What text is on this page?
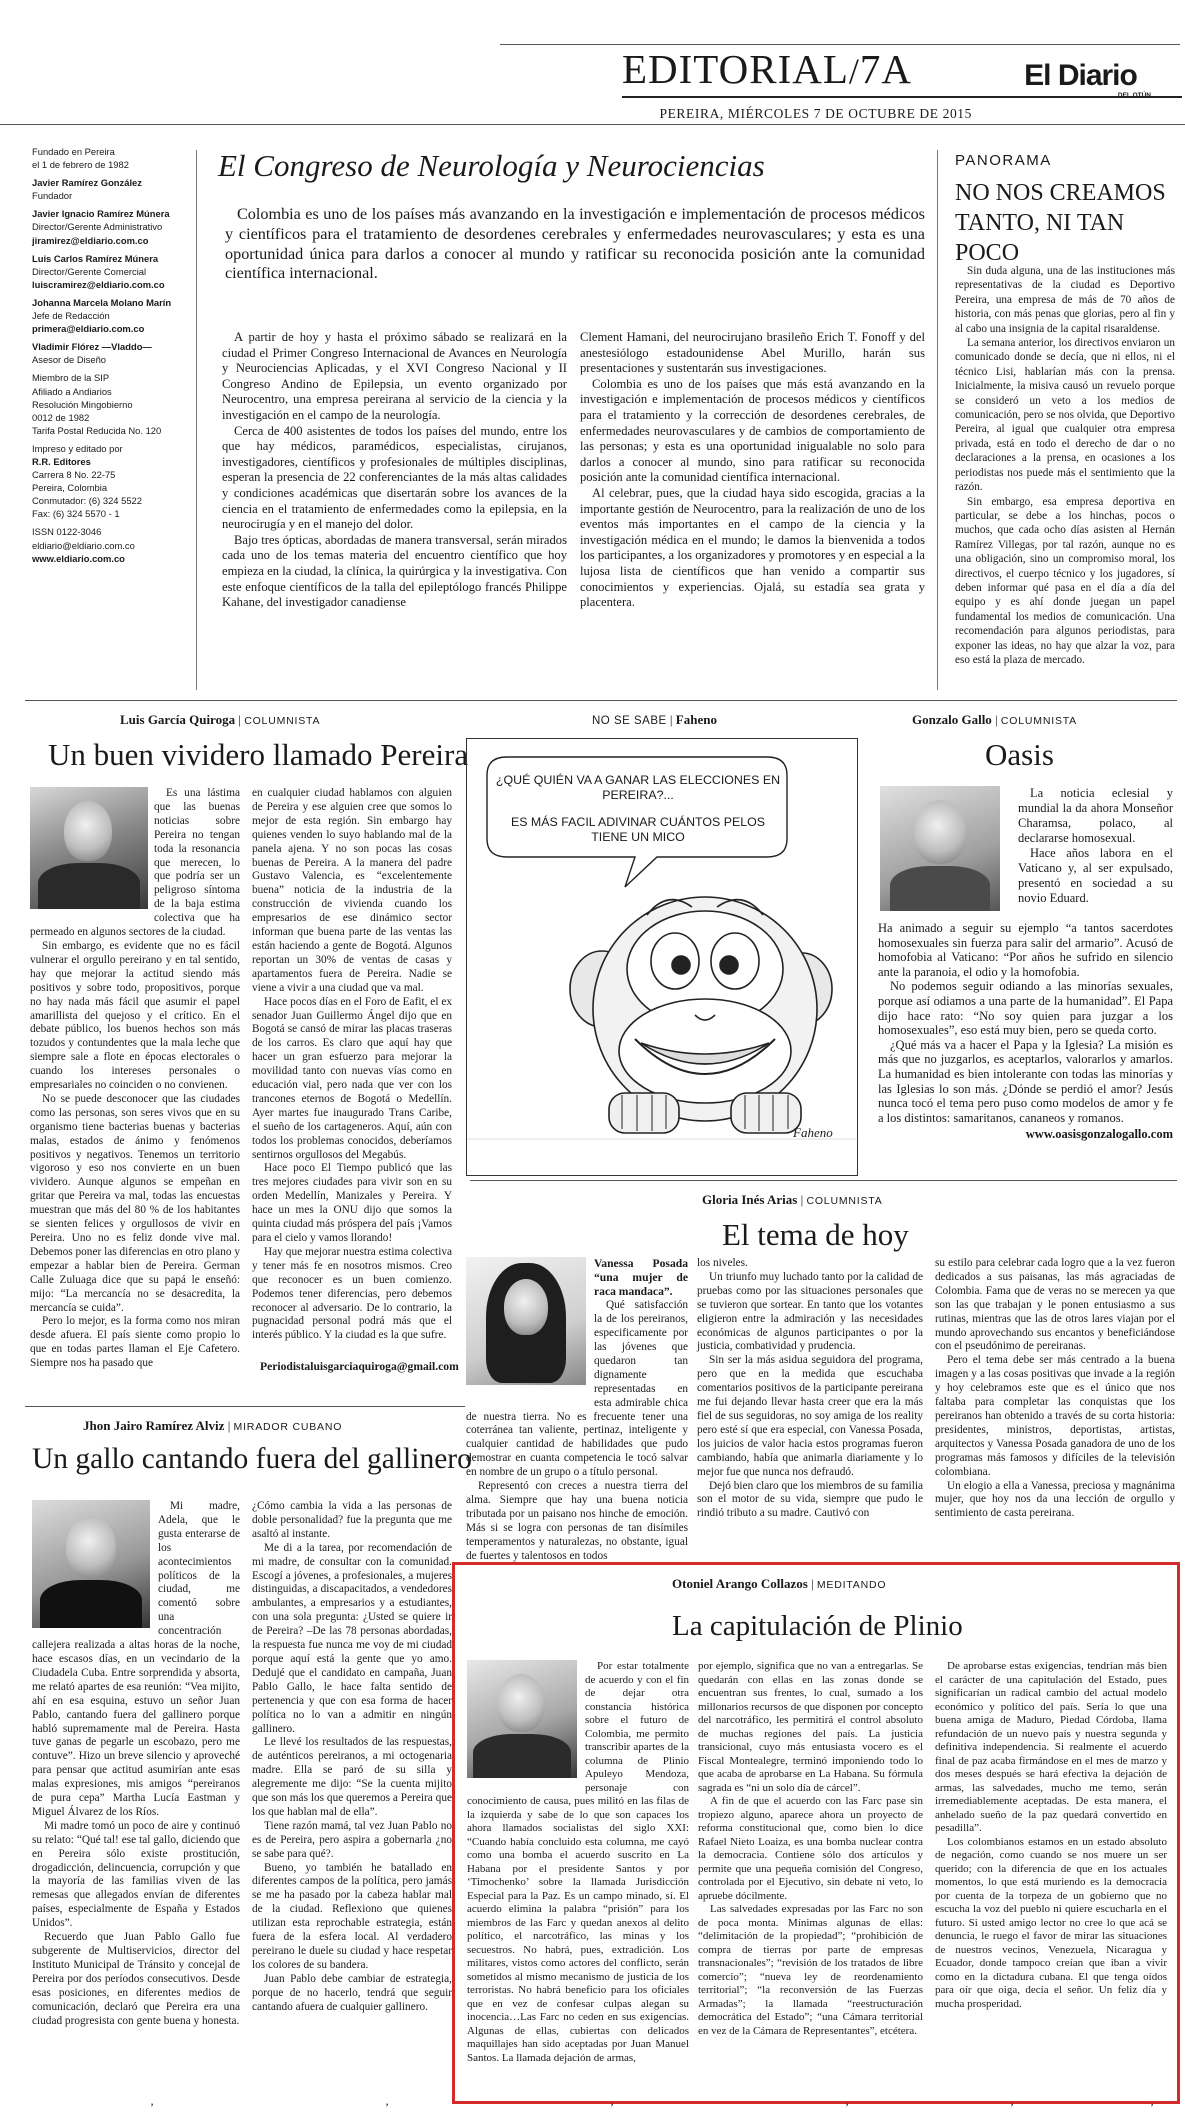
EDITORIAL/7A	El Diario
PEREIRA, MIÉRCOLES 7 DE OCTUBRE DE 2015
Fundado en Pereira
el 1 de febrero de 1982
Javier Ramírez González
Fundador
Javier Ignacio Ramírez Múnera
Director/Gerente Administrativo
jiramirez@eldiario.com.co
Luis Carlos Ramírez Múnera
Director/Gerente Comercial
luiscramirez@eldiario.com.co
Johanna Marcela Molano Marín
Jefe de Redacción
primera@eldiario.com.co
Vladimir Flórez —Vladdo—
Asesor de Diseño
Miembro de la SIP
Afiliado a Andiarios
Resolución Mingobierno
0012 de 1982
Tarifa Postal Reducida No. 120
Impreso y editado por
R.R. Editores
Carrera 8 No. 22-75
Pereira, Colombia
Conmutador: (6) 324 5522
Fax: (6) 324 5570 - 1
ISSN 0122-3046
eldiario@eldiario.com.co
www.eldiario.com.co
El Congreso de Neurología y Neurociencias
Colombia es uno de los países más avanzando en la investigación e implementación de procesos médicos y científicos para el tratamiento de desordenes cerebrales y enfermedades neurovasculares; y esta es una oportunidad única para darlos a conocer al mundo y ratificar su reconocida posición ante la comunidad científica internacional.

A partir de hoy y hasta el próximo sábado se realizará en la ciudad el Primer Congreso Internacional de Avances en Neurología y Neurociencias Aplicadas, y el XVI Congreso Nacional y II Congreso Andino de Epilepsia, un evento organizado por Neurocentro, una empresa pereirana al servicio de la ciencia y la investigación en el campo de la neurología.

Cerca de 400 asistentes de todos los países del mundo, entre los que hay médicos, paramédicos, especialistas, cirujanos, investigadores, científicos y profesionales de múltiples disciplinas, esperan la presencia de 22 conferenciantes de la más altas calidades y condiciones académicas que disertarán sobre los avances de la ciencia en el tratamiento de enfermedades como la epilepsia, en la neurocirugía y en el manejo del dolor.

Bajo tres ópticas, abordadas de manera transversal, serán mirados cada uno de los temas materia del encuentro científico que hoy empieza en la ciudad, la clínica, la quirúrgica y la investigativa. Con este enfoque científicos de la talla del epileptólogo francés Philippe Kahane, del investigador canadiense

Clement Hamani, del neurocirujano brasileño Erich T. Fonoff y del anestesiólogo estadounidense Abel Murillo, harán sus presentaciones y sustentarán sus investigaciones.

Colombia es uno de los países que más está avanzando en la investigación e implementación de procesos médicos y científicos para el tratamiento y la corrección de desordenes cerebrales, de enfermedades neurovasculares y de cambios de comportamiento de las personas; y esta es una oportunidad inigualable no solo para darlos a conocer al mundo, sino para ratificar su reconocida posición ante la comunidad científica internacional.

Al celebrar, pues, que la ciudad haya sido escogida, gracias a la importante gestión de Neurocentro, para la realización de uno de los eventos más importantes en el campo de la ciencia y la investigación médica en el mundo; le damos la bienvenida a todos los participantes, a los organizadores y promotores y en especial a la lujosa lista de científicos que han venido a compartir sus conocimientos y experiencias. Ojalá, su estadía sea grata y placentera.

PANORAMA
NO NOS CREAMOS TANTO, NI TAN POCO

Sin duda alguna, una de las instituciones más representativas de la ciudad es Deportivo Pereira, una empresa de más de 70 años de historia, con más penas que glorias, pero al fin y al cabo una insignia de la capital risaraldense.

La semana anterior, los directivos enviaron un comunicado donde se decía, que ni ellos, ni el técnico Lisi, hablarían más con la prensa. Inicialmente, la misiva causó un revuelo porque se consideró un veto a los medios de comunicación, pero se nos olvida, que Deportivo Pereira, al igual que cualquier otra empresa privada, está en todo el derecho de dar o no declaraciones a la prensa, en ocasiones a los periodistas nos puede más el sentimiento que la razón.

Sin embargo, esa empresa deportiva en particular, se debe a los hinchas, pocos o muchos, que cada ocho días asisten al Hernán Ramírez Villegas, por tal razón, aunque no es una obligación, sino un compromiso moral, los directivos, el cuerpo técnico y los jugadores, sí deben informar qué pasa en el día a día del equipo y es ahí donde juegan un papel fundamental los medios de comunicación. Una recomendación para algunos periodistas, para exponer las ideas, no hay que alzar la voz, para eso está la plaza de mercado.

Luis García Quiroga | COLUMNISTA
Un buen vividero llamado Pereira

Es una lástima que las buenas noticias sobre Pereira no tengan toda la resonancia que merecen, lo que podría ser un peligroso síntoma de la baja estima colectiva que ha permeado en algunos sectores de la ciudad.

Sin embargo, es evidente que no es fácil vulnerar el orgullo pereirano y en tal sentido, hay que mejorar la actitud siendo más positivos y sobre todo, propositivos, porque no hay nada más fácil que asumir el papel amarillista del quejoso y el crítico. En el debate público, los buenos hechos son más tozudos y contundentes que la mala leche que siempre sale a flote en épocas electorales o cuando los intereses personales o empresariales no coinciden o no convienen.

No se puede desconocer que las ciudades como las personas, son seres vivos que en su organismo tiene bacterias buenas y bacterias malas, estados de ánimo y fenómenos positivos y negativos. Tenemos un territorio vigoroso y eso nos convierte en un buen vividero. Aunque algunos se empeñan en gritar que Pereira va mal, todas las encuestas muestran que más del 80 % de los habitantes se sienten felices y orgullosos de vivir en Pereira. Uno no es feliz donde vive mal. Debemos poner las diferencias en otro plano y empezar a hablar bien de Pereira. German Calle Zuluaga dice que su papá le enseñó: mijo: “La mercancía no se desacredita, la mercancía se cuida”.

Pero lo mejor, es la forma como nos miran desde afuera. El país siente como propio lo que en todas partes llaman el Eje Cafetero. Siempre nos ha pasado que

en cualquier ciudad hablamos con alguien de Pereira y ese alguien cree que somos lo mejor de esta región. Sin embargo hay quienes venden lo suyo hablando mal de la panela ajena. Y no son pocas las cosas buenas de Pereira. A la manera del padre Gustavo Valencia, es “excelentemente buena” noticia de la industria de la construcción de vivienda cuando los empresarios de ese dinámico sector informan que buena parte de las ventas las están haciendo a gente de Bogotá. Algunos reportan un 30% de ventas de casas y apartamentos fuera de Pereira. Nadie se viene a vivir a una ciudad que va mal.

Hace pocos días en el Foro de Eafit, el ex senador Juan Guillermo Ángel dijo que en Bogotá se cansó de mirar las placas traseras de los carros. Es claro que aquí hay que hacer un gran esfuerzo para mejorar la movilidad tanto con nuevas vías como en educación vial, pero nada que ver con los trancones eternos de Bogotá o Medellín. Ayer martes fue inaugurado Trans Caribe, el sueño de los cartageneros. Aquí, aún con todos los problemas conocidos, deberíamos sentirnos orgullosos del Megabús.

Hace poco El Tiempo publicó que las tres mejores ciudades para vivir son en su orden Medellín, Manizales y Pereira. Y hace un mes la ONU dijo que somos la quinta ciudad más próspera del país ¡Vamos para el cielo y vamos llorando!

Hay que mejorar nuestra estima colectiva y tener más fe en nosotros mismos. Creo que reconocer es un buen comienzo. Podemos tener diferencias, pero debemos reconocer al adversario. De lo contrario, la pugnacidad personal podrá más que el interés público. Y la ciudad es la que sufre.

NO SE SABE | Faheno
¿QUÉ QUIÉN VA A GANAR LAS ELECCIONES EN PEREIRA?...
ES MÁS FACIL ADIVINAR CUÁNTOS PELOS TIENE UN MICO
Faheno
Gonzalo Gallo | COLUMNISTA
Oasis

La noticia eclesial y mundial la da ahora Monseñor Charamsa, polaco, al declararse homosexual.

Hace años labora en el Vaticano y, al ser expulsado, presentó en sociedad a su novio Eduard.

Ha animado a seguir su ejemplo “a tantos sacerdotes homosexuales sin fuerza para salir del armario”. Acusó de homofobia al Vaticano: “Por años he sufrido en silencio ante la paranoia, el odio y la homofobia.

No podemos seguir odiando a las minorías sexuales, porque así odiamos a una parte de la humanidad”. El Papa dijo hace rato: “No soy quien para juzgar a los homosexuales”, eso está muy bien, pero se queda corto.

¿Qué más va a hacer el Papa y la Iglesia? La misión es más que no juzgarlos, es aceptarlos, valorarlos y amarlos. La humanidad es bien intolerante con todas las minorías y las Iglesias lo son más. ¿Dónde se perdió el amor? Jesús nunca tocó el tema pero puso como modelos de amor y fe a los distintos: samaritanos, cananeos y romanos.

www.oasisgonzalogallo.com
Gloria Inés Arias | COLUMNISTA
El tema de hoy

Vanessa Posada “una mujer de raca mandaca”.

Qué satisfacción la de los pereiranos, especificamente por las jóvenes que quedaron tan dignamente representadas en esta admirable chica de nuestra tierra. No es frecuente tener una coterránea tan valiente, pertinaz, inteligente y cualquier cantidad de habilidades que pudo demostrar en cuanta competencia le tocó salvar en nombre de un grupo o a título personal.

Representó con creces a nuestra tierra del alma. Siempre que hay una buena noticia tributada por un paisano nos hinche de emoción. Más si se logra con personas de tan disímiles temperamentos y naturalezas, no obstante, igual de fuertes y talentosos en todos

los niveles.

Un triunfo muy luchado tanto por la calidad de pruebas como por las situaciones personales que se tuvieron que sortear. En tanto que los votantes eligieron entre la admiración y las necesidades económicas de algunos participantes o por la justicia, combatividad y prudencia.

Sin ser la más asidua seguidora del programa, pero que en la medida que escuchaba comentarios positivos de la participante pereirana me fui dejando llevar hasta creer que era la más fiel de sus seguidoras, no soy amiga de los reality pero esté sí que era especial, con Vanessa Posada, los juicios de valor hacia estos programas fueron cambiando, había que animarla diariamente y lo mejor fue que nunca nos defraudó.

Dejó bien claro que los miembros de su familia son el motor de su vida, siempre que pudo le rindió tributo a su madre. Cautivó con

su estilo para celebrar cada logro que a la vez fueron dedicados a sus paisanas, las más agraciadas de Colombia. Fama que de veras no se merecen ya que son las que trabajan y le ponen entusiasmo a sus rutinas, mientras que las de otros lares viajan por el mundo aprovechando sus encantos y beneficiándose con el pseudónimo de pereiranas.

Pero el tema debe ser más centrado a la buena imagen y a las cosas positivas que invade a la región y hoy celebramos este que es el único que nos faltaba para completar las conquistas que los pereiranos han obtenido a través de su corta historia: presidentes, ministros, deportistas, artistas, arquitectos y Vanessa Posada ganadora de uno de los programas más famosos y difíciles de la televisión colombiana.

Un elogio a ella a Vanessa, preciosa y magnánima mujer, que hoy nos da una lección de orgullo y sentimiento de casta pereirana.

Periodistaluisgarciaquiroga@gmail.com
Jhon Jairo Ramírez Alviz | MIRADOR CUBANO
Un gallo cantando fuera del gallinero

Mi madre, Adela, que le gusta enterarse de los acontecimientos políticos de la ciudad, me comentó sobre una concentración callejera realizada a altas horas de la noche, hace escasos días, en un vecindario de la Ciudadela Cuba. Entre sorprendida y absorta, me relató apartes de esa reunión: “Vea mijito, ahí en esa esquina, estuvo un señor Juan Pablo, cantando fuera del gallinero porque habló supremamente mal de Pereira. Hasta tuve ganas de pegarle un escobazo, pero me contuve”. Hizo un breve silencio y aproveché para pensar que actitud asumirían ante esas malas expresiones, mis amigos “pereiranos de pura cepa” Martha Lucía Eastman y Miguel Álvarez de los Ríos.

Mi madre tomó un poco de aire y continuó su relato: “Qué tal! ese tal gallo, diciendo que en Pereira sólo existe prostitución, drogadicción, delincuencia, corrupción y que la mayoría de las familias viven de las remesas que allegados envían de diferentes países, especialmente de España y Estados Unidos”.

Recuerdo que Juan Pablo Gallo fue subgerente de Multiservicios, director del Instituto Municipal de Tránsito y concejal de Pereira por dos períodos consecutivos. Desde esas posiciones, en diferentes medios de comunicación, declaró que Pereira era una ciudad progresista con gente buena y honesta.

¿Cómo cambia la vida a las personas de doble personalidad? fue la pregunta que me asaltó al instante.

Me di a la tarea, por recomendación de mi madre, de consultar con la comunidad. Escogí a jóvenes, a profesionales, a mujeres distinguidas, a discapacitados, a vendedores ambulantes, a empresarios y a estudiantes, con una sola pregunta: ¿Usted se quiere ir de Pereira? –De las 78 personas abordadas, la respuesta fue nunca me voy de mi ciudad porque aquí está la gente que yo amo. Dedujé que el candidato en campaña, Juan Pablo Gallo, le hace falta sentido de pertenencia y que con esa forma de hacer política no lo van a admitir en ningún gallinero.

Le llevé los resultados de las respuestas, de auténticos pereiranos, a mi octogenaria madre. Ella se paró de su silla y alegremente me dijo: “Se la cuenta mijito que son más los que queremos a Pereira que los que hablan mal de ella”.

Tiene razón mamá, tal vez Juan Pablo no es de Pereira, pero aspira a gobernarla ¿no se sabe para qué?.

Bueno, yo también he batallado en diferentes campos de la política, pero jamás se me ha pasado por la cabeza hablar mal de la ciudad. Reflexiono que quienes utilizan esta reprochable estrategia, están fuera de la esfera local. Al verdadero pereirano le duele su ciudad y hace respetar los colores de su bandera.

Juan Pablo debe cambiar de estrategia, porque de no hacerlo, tendrá que seguir cantando afuera de cualquier gallinero.

Otoniel Arango Collazos | MEDITANDO
La capitulación de Plinio

Por estar totalmente de acuerdo y con el fin de dejar otra constancia histórica sobre el futuro de Colombia, me permito transcribir apartes de la columna de Plinio Apuleyo Mendoza, personaje con conocimiento de causa, pues militó en las filas de la izquierda y sabe de lo que son capaces los ahora llamados socialistas del siglo XXI: “Cuando había concluido esta columna, me cayó como una bomba el acuerdo suscrito en La Habana por el presidente Santos y por ‘Timochenko’ sobre la llamada Jurisdicción Especial para la Paz. Es un campo minado, sí. El acuerdo elimina la palabra “prisión” para los miembros de las Farc y quedan anexos al delito político, el narcotráfico, las minas y los secuestros. No habrá, pues, extradición. Los militares, vistos como actores del conflicto, serán sometidos al mismo mecanismo de justicia de los terroristas. No habrá beneficio para los oficiales que en vez de confesar culpas alegan su inocencia…Las Farc no ceden en sus exigencias. Algunas de ellas, cubiertas con delicados maquillajes han sido aceptadas por Juan Manuel Santos. La llamada dejación de armas,

por ejemplo, significa que no van a entregarlas. Se quedarán con ellas en las zonas donde se encuentran sus frentes, lo cual, sumado a los millonarios recursos de que disponen por concepto del narcotráfico, les permitirá el control absoluto de muchas regiones del país. La justicia transicional, cuyo más entusiasta vocero es el Fiscal Montealegre, terminó imponiendo todo lo que acaba de aprobarse en La Habana. Su fórmula sagrada es “ni un solo día de cárcel”.

A fin de que el acuerdo con las Farc pase sin tropiezo alguno, aparece ahora un proyecto de reforma constitucional que, como bien lo dice Rafael Nieto Loaiza, es una bomba nuclear contra la democracia. Contiene sólo dos artículos y permite que una pequeña comisión del Congreso, controlada por el Ejecutivo, sin debate ni veto, lo apruebe dócilmente.

Las salvedades expresadas por las Farc no son de poca monta. Mínimas algunas de ellas: “delimitación de la propiedad”; “prohibición de compra de tierras por parte de empresas transnacionales”; “revisión de los tratados de libre comercio”; “nueva ley de reordenamiento territorial”; “la reconversión de las Fuerzas Armadas”; la llamada “reestructuración democrática del Estado”; “una Cámara territorial en vez de la Cámara de Representantes”, etcétera.

De aprobarse estas exigencias, tendrían más bien el carácter de una capitulación del Estado, pues significarían un radical cambio del actual modelo económico y político del país. Sería lo que una buena amiga de Maduro, Piedad Córdoba, llama refundación de un nuevo país y nuestra segunda y definitiva independencia. Si realmente el acuerdo final de paz acaba firmándose en el mes de marzo y dos meses después se hará efectiva la dejación de armas, las salvedades, mucho me temo, serán irremediablemente aceptadas. De esta manera, el anhelado sueño de la paz quedará convertido en pesadilla”.

Los colombianos estamos en un estado absoluto de negación, como cuando se nos muere un ser querido; con la diferencia de que en los actuales momentos, lo que está muriendo es la democracia por cuenta de la torpeza de un gobierno que no escucha la voz del pueblo ni quiere escucharla en el futuro. Si usted amigo lector no cree lo que acá se denuncia, le ruego el favor de mirar las situaciones de nuestros vecinos, Venezuela, Nicaragua y Ecuador, donde tampoco creían que iban a vivir como en la dictadura cubana. El que tenga oídos para oír que oiga, decía el señor. Un feliz día y mucha prosperidad.

’	’	’	’	’	’
